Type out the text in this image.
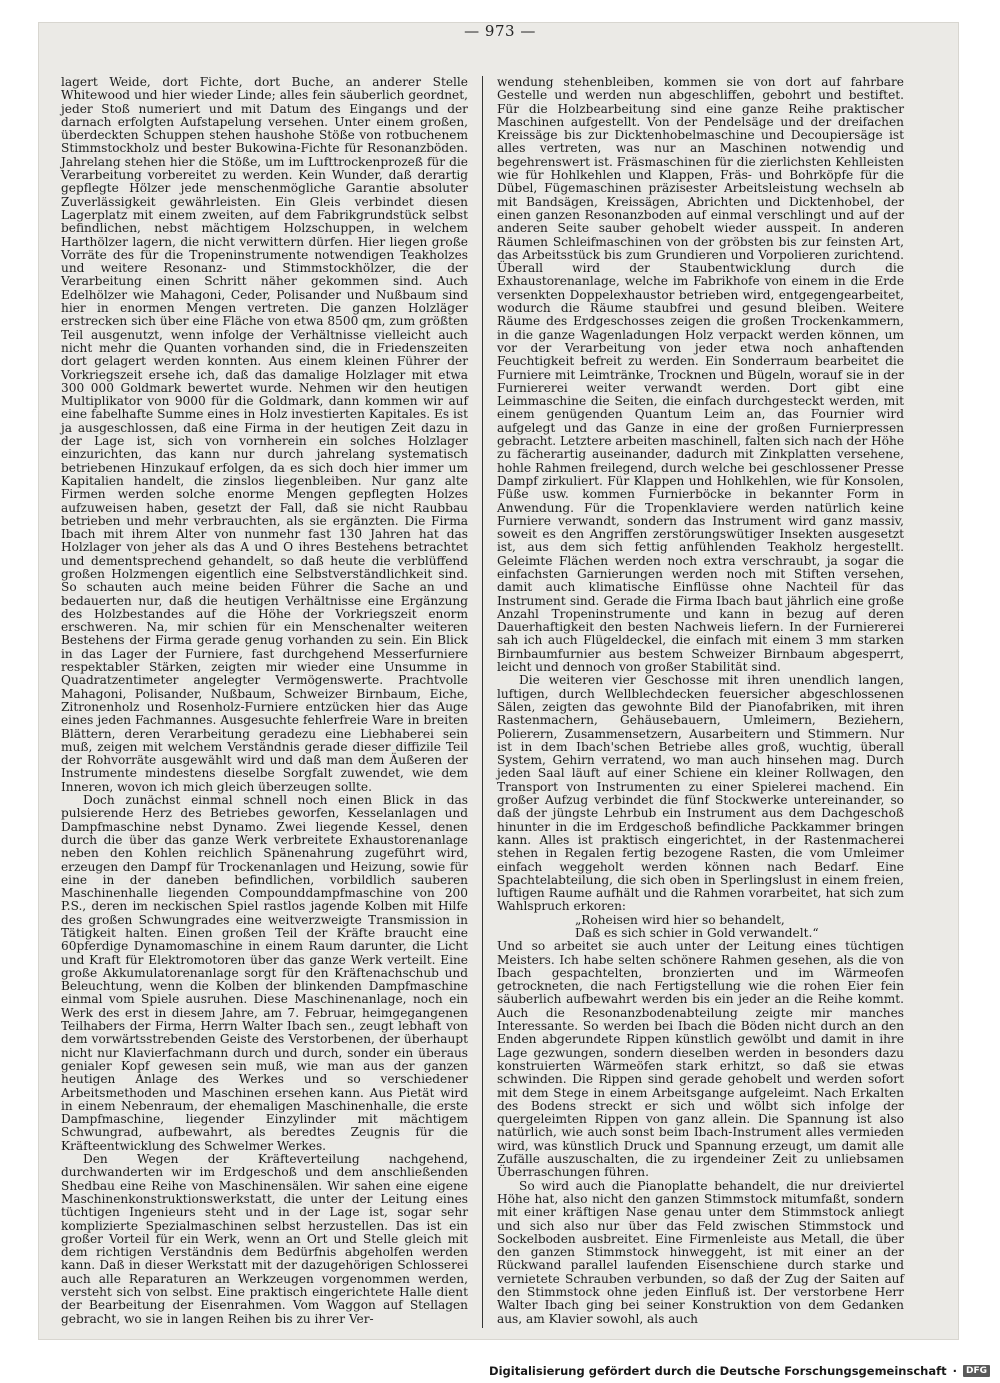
— 973 —

lagert Weide, dort Fichte, dort Buche, an anderer Stelle Whitewood und hier wieder Linde; alles fein säuberlich geordnet, jeder Stoß numeriert und mit Datum des Eingangs und der darnach erfolgten Aufstapelung versehen. Unter einem großen, überdeckten Schuppen stehen haushohe Stöße von rotbuchenem Stimmstockholz und bester Bukowina-Fichte für Resonanzböden. Jahrelang stehen hier die Stöße, um im Lufttrockenprozeß für die Verarbeitung vorbereitet zu werden. Kein Wunder, daß derartig gepflegte Hölzer jede menschenmögliche Garantie absoluter Zuverlässigkeit gewährleisten. Ein Gleis verbindet diesen Lagerplatz mit einem zweiten, auf dem Fabrikgrundstück selbst befindlichen, nebst mächtigem Holzschuppen, in welchem Harthölzer lagern, die nicht verwittern dürfen. Hier liegen große Vorräte des für die Tropeninstrumente notwendigen Teakholzes und weitere Resonanz- und Stimmstockhölzer, die der Verarbeitung einen Schritt näher gekommen sind. Auch Edelhölzer wie Mahagoni, Ceder, Polisander und Nußbaum sind hier in enormen Mengen vertreten. Die ganzen Holzläger erstrecken sich über eine Fläche von etwa 8500 qm, zum größten Teil ausgenutzt, wenn infolge der Verhältnisse vielleicht auch nicht mehr die Quanten vorhanden sind, die in Friedenszeiten dort gelagert werden konnten. Aus einem kleinen Führer der Vorkriegszeit ersehe ich, daß das damalige Holzlager mit etwa 300 000 Goldmark bewertet wurde. Nehmen wir den heutigen Multiplikator von 9000 für die Goldmark, dann kommen wir auf eine fabelhafte Summe eines in Holz investierten Kapitales. Es ist ja ausgeschlossen, daß eine Firma in der heutigen Zeit dazu in der Lage ist, sich von vornherein ein solches Holzlager einzurichten, das kann nur durch jahrelang systematisch betriebenen Hinzukauf erfolgen, da es sich doch hier immer um Kapitalien handelt, die zinslos liegenbleiben. Nur ganz alte Firmen werden solche enorme Mengen gepflegten Holzes aufzuweisen haben, gesetzt der Fall, daß sie nicht Raubbau betrieben und mehr verbrauchten, als sie ergänzten. Die Firma Ibach mit ihrem Alter von nunmehr fast 130 Jahren hat das Holzlager von jeher als das A und O ihres Bestehens betrachtet und dementsprechend gehandelt, so daß heute die verblüffend großen Holzmengen eigentlich eine Selbstverständlichkeit sind. So schauten auch meine beiden Führer die Sache an und bedauerten nur, daß die heutigen Verhältnisse eine Ergänzung des Holzbestandes auf die Höhe der Vorkriegszeit enorm erschweren. Na, mir schien für ein Menschenalter weiteren Bestehens der Firma gerade genug vorhanden zu sein. Ein Blick in das Lager der Furniere, fast durchgehend Messerfurniere respektabler Stärken, zeigten mir wieder eine Unsumme in Quadratzentimeter angelegter Vermögenswerte. Prachtvolle Mahagoni, Polisander, Nußbaum, Schweizer Birnbaum, Eiche, Zitronenholz und Rosenholz-Furniere entzücken hier das Auge eines jeden Fachmannes. Ausgesuchte fehlerfreie Ware in breiten Blättern, deren Verarbeitung geradezu eine Liebhaberei sein muß, zeigen mit welchem Verständnis gerade dieser diffizile Teil der Rohvorräte ausgewählt wird und daß man dem Äußeren der Instrumente mindestens dieselbe Sorgfalt zuwendet, wie dem Inneren, wovon ich mich gleich überzeugen sollte.

Doch zunächst einmal schnell noch einen Blick in das pulsierende Herz des Betriebes geworfen, Kesselanlagen und Dampfmaschine nebst Dynamo. Zwei liegende Kessel, denen durch die über das ganze Werk verbreitete Exhaustorenanlage neben den Kohlen reichlich Spänenahrung zugeführt wird, erzeugen den Dampf für Trockenanlagen und Heizung, sowie für eine in der daneben befindlichen, vorbildlich sauberen Maschinenhalle liegenden Compounddampfmaschine von 200 P.S., deren im neckischen Spiel rastlos jagende Kolben mit Hilfe des großen Schwungrades eine weitverzweigte Transmission in Tätigkeit halten. Einen großen Teil der Kräfte braucht eine 60pferdige Dynamomaschine in einem Raum darunter, die Licht und Kraft für Elektromotoren über das ganze Werk verteilt. Eine große Akkumulatorenanlage sorgt für den Kräftenachschub und Beleuchtung, wenn die Kolben der blinkenden Dampfmaschine einmal vom Spiele ausruhen. Diese Maschinenanlage, noch ein Werk des erst in diesem Jahre, am 7. Februar, heimgegangenen Teilhabers der Firma, Herrn Walter Ibach sen., zeugt lebhaft von dem vorwärtsstrebenden Geiste des Verstorbenen, der überhaupt nicht nur Klavierfachmann durch und durch, sonder ein überaus genialer Kopf gewesen sein muß, wie man aus der ganzen heutigen Anlage des Werkes und so verschiedener Arbeitsmethoden und Maschinen ersehen kann. Aus Pietät wird in einem Nebenraum, der ehemaligen Maschinenhalle, die erste Dampfmaschine, liegender Einzylinder mit mächtigem Schwungrad, aufbewahrt, als beredtes Zeugnis für die Kräfteentwicklung des Schwelmer Werkes.

Den Wegen der Kräfteverteilung nachgehend, durchwanderten wir im Erdgeschoß und dem anschließenden Shedbau eine Reihe von Maschinensälen. Wir sahen eine eigene Maschinenkonstruktionswerkstatt, die unter der Leitung eines tüchtigen Ingenieurs steht und in der Lage ist, sogar sehr komplizierte Spezialmaschinen selbst herzustellen. Das ist ein großer Vorteil für ein Werk, wenn an Ort und Stelle gleich mit dem richtigen Verständnis dem Bedürfnis abgeholfen werden kann. Daß in dieser Werkstatt mit der dazugehörigen Schlosserei auch alle Reparaturen an Werkzeugen vorgenommen werden, versteht sich von selbst. Eine praktisch eingerichtete Halle dient der Bearbeitung der Eisenrahmen. Vom Waggon auf Stellagen gebracht, wo sie in langen Reihen bis zu ihrer Ver-

wendung stehenbleiben, kommen sie von dort auf fahrbare Gestelle und werden nun abgeschliffen, gebohrt und bestiftet. Für die Holzbearbeitung sind eine ganze Reihe praktischer Maschinen aufgestellt. Von der Pendelsäge und der dreifachen Kreissäge bis zur Dicktenhobelmaschine und Decoupiersäge ist alles vertreten, was nur an Maschinen notwendig und begehrenswert ist. Fräsmaschinen für die zierlichsten Kehlleisten wie für Hohlkehlen und Klappen, Fräs- und Bohrköpfe für die Dübel, Fügemaschinen präzisester Arbeitsleistung wechseln ab mit Bandsägen, Kreissägen, Abrichten und Dicktenhobel, der einen ganzen Resonanzboden auf einmal verschlingt und auf der anderen Seite sauber gehobelt wieder ausspeit. In anderen Räumen Schleifmaschinen von der gröbsten bis zur feinsten Art, das Arbeitsstück bis zum Grundieren und Vorpolieren zurichtend. Überall wird der Staubentwicklung durch die Exhaustorenanlage, welche im Fabrikhofe von einem in die Erde versenkten Doppelexhaustor betrieben wird, entgegengearbeitet, wodurch die Räume staubfrei und gesund bleiben. Weitere Räume des Erdgeschosses zeigen die großen Trockenkammern, in die ganze Wagenladungen Holz verpackt werden können, um vor der Verarbeitung von jeder etwa noch anhaftenden Feuchtigkeit befreit zu werden. Ein Sonderraum bearbeitet die Furniere mit Leimtränke, Trocknen und Bügeln, worauf sie in der Furniererei weiter verwandt werden. Dort gibt eine Leimmaschine die Seiten, die einfach durchgesteckt werden, mit einem genügenden Quantum Leim an, das Fournier wird aufgelegt und das Ganze in eine der großen Furnierpressen gebracht. Letztere arbeiten maschinell, falten sich nach der Höhe zu fächerartig auseinander, dadurch mit Zinkplatten versehene, hohle Rahmen freilegend, durch welche bei geschlossener Presse Dampf zirkuliert. Für Klappen und Hohlkehlen, wie für Konsolen, Füße usw. kommen Furnierböcke in bekannter Form in Anwendung. Für die Tropenklaviere werden natürlich keine Furniere verwandt, sondern das Instrument wird ganz massiv, soweit es den Angriffen zerstörungswütiger Insekten ausgesetzt ist, aus dem sich fettig anfühlenden Teakholz hergestellt. Geleimte Flächen werden noch extra verschraubt, ja sogar die einfachsten Garnierungen werden noch mit Stiften versehen, damit auch klimatische Einflüsse ohne Nachteil für das Instrument sind. Gerade die Firma Ibach baut jährlich eine große Anzahl Tropeninstrumente und kann in bezug auf deren Dauerhaftigkeit den besten Nachweis liefern. In der Furniererei sah ich auch Flügeldeckel, die einfach mit einem 3 mm starken Birnbaumfurnier aus bestem Schweizer Birnbaum abgesperrt, leicht und dennoch von großer Stabilität sind.

Die weiteren vier Geschosse mit ihren unendlich langen, luftigen, durch Wellblechdecken feuersicher abgeschlossenen Sälen, zeigten das gewohnte Bild der Pianofabriken, mit ihren Rastenmachern, Gehäusebauern, Umleimern, Beziehern, Polierern, Zusammensetzern, Ausarbeitern und Stimmern. Nur ist in dem Ibach'schen Betriebe alles groß, wuchtig, überall System, Gehirn verratend, wo man auch hinsehen mag. Durch jeden Saal läuft auf einer Schiene ein kleiner Rollwagen, den Transport von Instrumenten zu einer Spielerei machend. Ein großer Aufzug verbindet die fünf Stockwerke untereinander, so daß der jüngste Lehrbub ein Instrument aus dem Dachgeschoß hinunter in die im Erdgeschoß befindliche Packkammer bringen kann. Alles ist praktisch eingerichtet, in der Rastenmacherei stehen in Regalen fertig bezogene Rasten, die vom Umleimer einfach weggeholt werden können nach Bedarf. Eine Spachtelabteilung, die sich oben in Sperlingslust in einem freien, luftigen Raume aufhält und die Rahmen vorarbeitet, hat sich zum Wahlspruch erkoren:

„Roheisen wird hier so behandelt,

Daß es sich schier in Gold verwandelt.“

Und so arbeitet sie auch unter der Leitung eines tüchtigen Meisters. Ich habe selten schönere Rahmen gesehen, als die von Ibach gespachtelten, bronzierten und im Wärmeofen getrockneten, die nach Fertigstellung wie die rohen Eier fein säuberlich aufbewahrt werden bis ein jeder an die Reihe kommt. Auch die Resonanzbodenabteilung zeigte mir manches Interessante. So werden bei Ibach die Böden nicht durch an den Enden abgerundete Rippen künstlich gewölbt und damit in ihre Lage gezwungen, sondern dieselben werden in besonders dazu konstruierten Wärmeöfen stark erhitzt, so daß sie etwas schwinden. Die Rippen sind gerade gehobelt und werden sofort mit dem Stege in einem Arbeitsgange aufgeleimt. Nach Erkalten des Bodens streckt er sich und wölbt sich infolge der quergeleimten Rippen von ganz allein. Die Spannung ist also natürlich, wie auch sonst beim Ibach-Instrument alles vermieden wird, was künstlich Druck und Spannung erzeugt, um damit alle Zufälle auszuschalten, die zu irgendeiner Zeit zu unliebsamen Überraschungen führen.

So wird auch die Pianoplatte behandelt, die nur dreiviertel Höhe hat, also nicht den ganzen Stimmstock mitumfaßt, sondern mit einer kräftigen Nase genau unter dem Stimmstock anliegt und sich also nur über das Feld zwischen Stimmstock und Sockelboden ausbreitet. Eine Firmenleiste aus Metall, die über den ganzen Stimmstock hinweggeht, ist mit einer an der Rückwand parallel laufenden Eisenschiene durch starke und vernietete Schrauben verbunden, so daß der Zug der Saiten auf den Stimmstock ohne jeden Einfluß ist. Der verstorbene Herr Walter Ibach ging bei seiner Konstruktion von dem Gedanken aus, am Klavier sowohl, als auch

Digitalisierung gefördert durch die Deutsche Forschungsgemeinschaft ·	DFG
